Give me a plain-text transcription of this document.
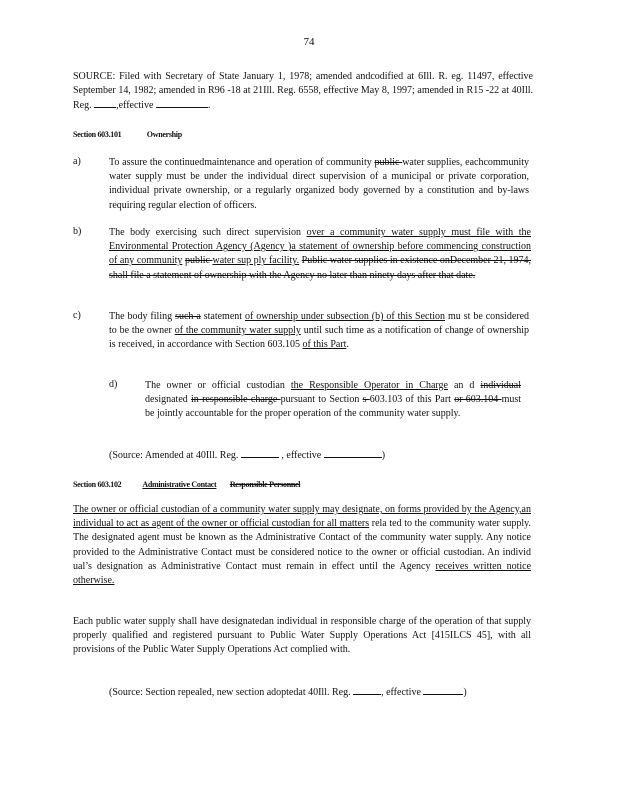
74
SOURCE: Filed with Secretary of State January 1, 1978; amended andcodified at 6Ill. R. eg. 11497, effective September 14, 1982; amended in R96 -18 at 21Ill. Reg. 6558, effective May 8, 1997; amended in R15 -22 at 40Ill. Reg. ,effective	.
Section 603.101	Ownership
a)	To assure the continuedmaintenance and operation of community public water supplies, eachcommunity water supply must be under the individual direct supervision of a municipal or private corporation, individual private ownership, or a regularly organized body governed by a constitution and by-laws requiring regular election of officers.
b)	The body exercising such direct supervision over a community water supply must file with the Environmental Protection Agency (Agency )a statement of ownership before commencing construction of any community public water sup ply facility. Public water supplies in existence onDecember 21, 1974, shall file a statement of ownership with the Agency no later than ninety days after that date.
c)	The body filing such a statement of ownership under subsection (b) of this Section mu st be considered to be the owner of the community water supply until such time as a notification of change of ownership is received, in accordance with Section 603.105 of this Part.
d)	The owner or official custodian the Responsible Operator in Charge an d individual designated in responsible charge pursuant to Section s 603.103 of this Part or 603.104 must be jointly accountable for the proper operation of the community water supply.
(Source: Amended at 40Ill. Reg.	, effective	)
Section 603.102	Administrative Contact Responsible Personnel
The owner or official custodian of a community water supply may designate, on forms provided by the Agency,an individual to act as agent of the owner or official custodian for all matters rela ted to the community water supply. The designated agent must be known as the Administrative Contact of the community water supply. Any notice provided to the Administrative Contact must be considered notice to the owner or official custodian. An individ ual’s designation as Administrative Contact must remain in effect until the Agency receives written notice otherwise.
Each public water supply shall have designatedan individual in responsible charge of the operation of that supply properly qualified and registered pursuant to Public Water Supply Operations Act [415ILCS 45], with all provisions of the Public Water Supply Operations Act complied with.
(Source: Section repealed, new section adoptedat 40Ill. Reg.	, effective	)
